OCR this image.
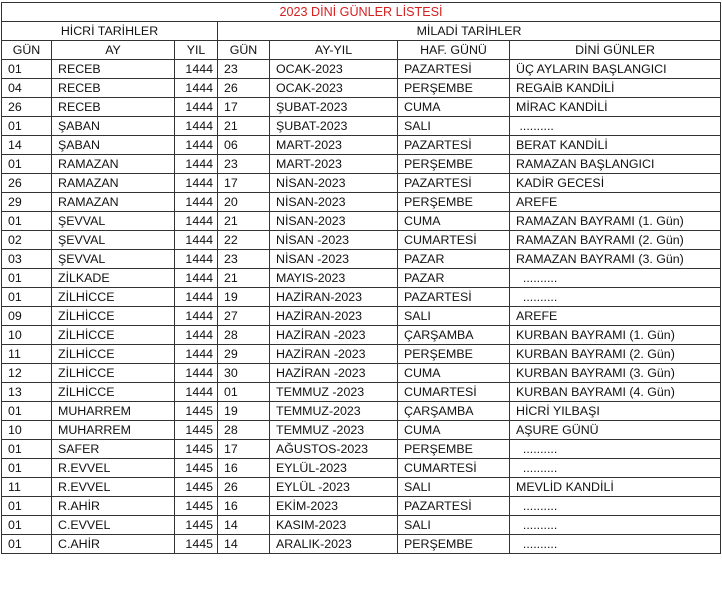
2023 DİNİ GÜNLER LİSTESİ						
HİCRİ TARİHLER			MİLADİ TARİHLER			
GÜN	AY	YIL	GÜN	AY-YIL	HAF. GÜNÜ	DİNİ GÜNLER
01	RECEB	1444	23	OCAK-2023	PAZARTESİ	ÜÇ AYLARIN BAŞLANGICI
04	RECEB	1444	26	OCAK-2023	PERŞEMBE	REGAİB KANDİLİ
26	RECEB	1444	17	ŞUBAT-2023	CUMA	MİRAC KANDİLİ
01	ŞABAN	1444	21	ŞUBAT-2023	SALI	..........
14	ŞABAN	1444	06	MART-2023	PAZARTESİ	BERAT KANDİLİ
01	RAMAZAN	1444	23	MART-2023	PERŞEMBE	RAMAZAN BAŞLANGICI
26	RAMAZAN	1444	17	NİSAN-2023	PAZARTESİ	KADİR GECESİ
29	RAMAZAN	1444	20	NİSAN-2023	PERŞEMBE	AREFE
01	ŞEVVAL	1444	21	NİSAN-2023	CUMA	RAMAZAN BAYRAMI (1. Gün)
02	ŞEVVAL	1444	22	NİSAN -2023	CUMARTESİ	RAMAZAN BAYRAMI (2. Gün)
03	ŞEVVAL	1444	23	NİSAN -2023	PAZAR	RAMAZAN BAYRAMI (3. Gün)
01	ZİLKADE	1444	21	MAYIS-2023	PAZAR	..........
01	ZİLHİCCE	1444	19	HAZİRAN-2023	PAZARTESİ	..........
09	ZİLHİCCE	1444	27	HAZİRAN-2023	SALI	AREFE
10	ZİLHİCCE	1444	28	HAZİRAN -2023	ÇARŞAMBA	KURBAN BAYRAMI (1. Gün)
11	ZİLHİCCE	1444	29	HAZİRAN -2023	PERŞEMBE	KURBAN BAYRAMI (2. Gün)
12	ZİLHİCCE	1444	30	HAZİRAN -2023	CUMA	KURBAN BAYRAMI (3. Gün)
13	ZİLHİCCE	1444	01	TEMMUZ -2023	CUMARTESİ	KURBAN BAYRAMI (4. Gün)
01	MUHARREM	1445	19	TEMMUZ-2023	ÇARŞAMBA	HİCRİ YILBAŞI
10	MUHARREM	1445	28	TEMMUZ -2023	CUMA	AŞURE GÜNÜ
01	SAFER	1445	17	AĞUSTOS-2023	PERŞEMBE	..........
01	R.EVVEL	1445	16	EYLÜL-2023	CUMARTESİ	..........
11	R.EVVEL	1445	26	EYLÜL -2023	SALI	MEVLİD KANDİLİ
01	R.AHİR	1445	16	EKİM-2023	PAZARTESİ	..........
01	C.EVVEL	1445	14	KASIM-2023	SALI	..........
01	C.AHİR	1445	14	ARALIK-2023	PERŞEMBE	..........
